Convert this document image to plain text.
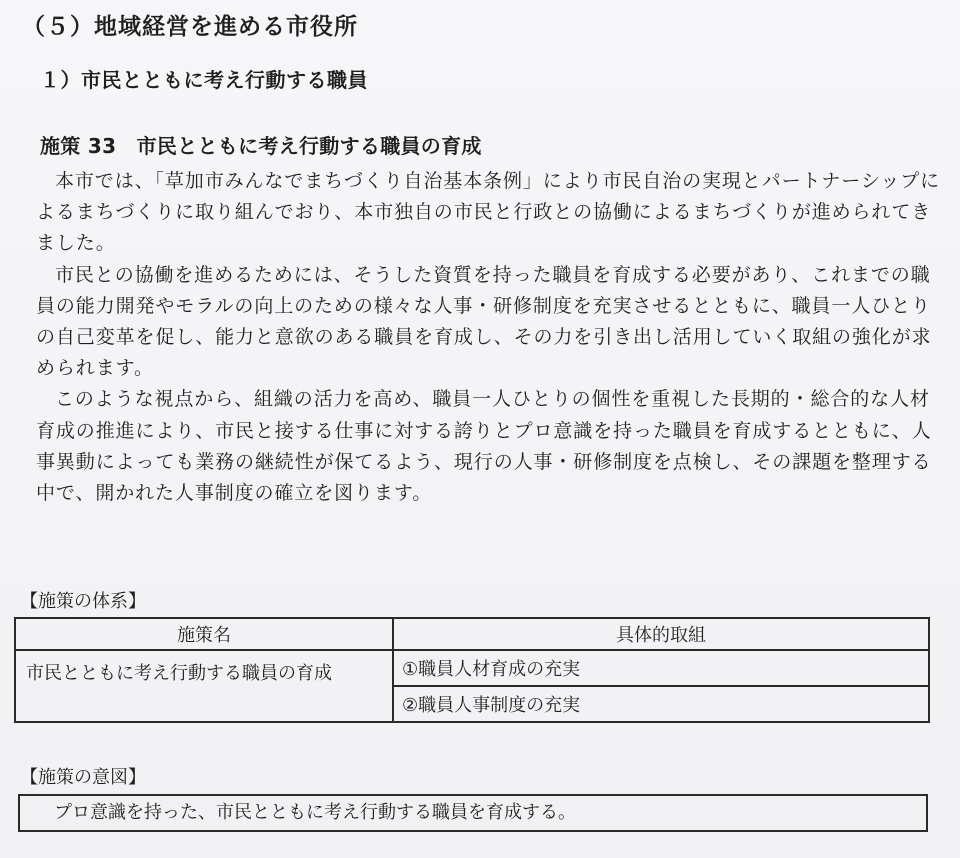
（５）地域経営を進める市役所
１）市民とともに考え行動する職員
施策 33　市民とともに考え行動する職員の育成

本市では、「草加市みんなでまちづくり自治基本条例」により市民自治の実現とパートナーシップによるまちづくりに取り組んでおり、本市独自の市民と行政との協働によるまちづくりが進められてきました。

市民との協働を進めるためには、そうした資質を持った職員を育成する必要があり、これまでの職員の能力開発やモラルの向上のための様々な人事・研修制度を充実させるとともに、職員一人ひとりの自己変革を促し、能力と意欲のある職員を育成し、その力を引き出し活用していく取組の強化が求められます。

このような視点から、組織の活力を高め、職員一人ひとりの個性を重視した長期的・総合的な人材育成の推進により、市民と接する仕事に対する誇りとプロ意識を持った職員を育成するとともに、人事異動によっても業務の継続性が保てるよう、現行の人事・研修制度を点検し、その課題を整理する中で、開かれた人事制度の確立を図ります。

【施策の体系】
施策名	具体的取組
市民とともに考え行動する職員の育成	①職員人材育成の充実
	②職員人事制度の充実
【施策の意図】
プロ意識を持った、市民とともに考え行動する職員を育成する。
